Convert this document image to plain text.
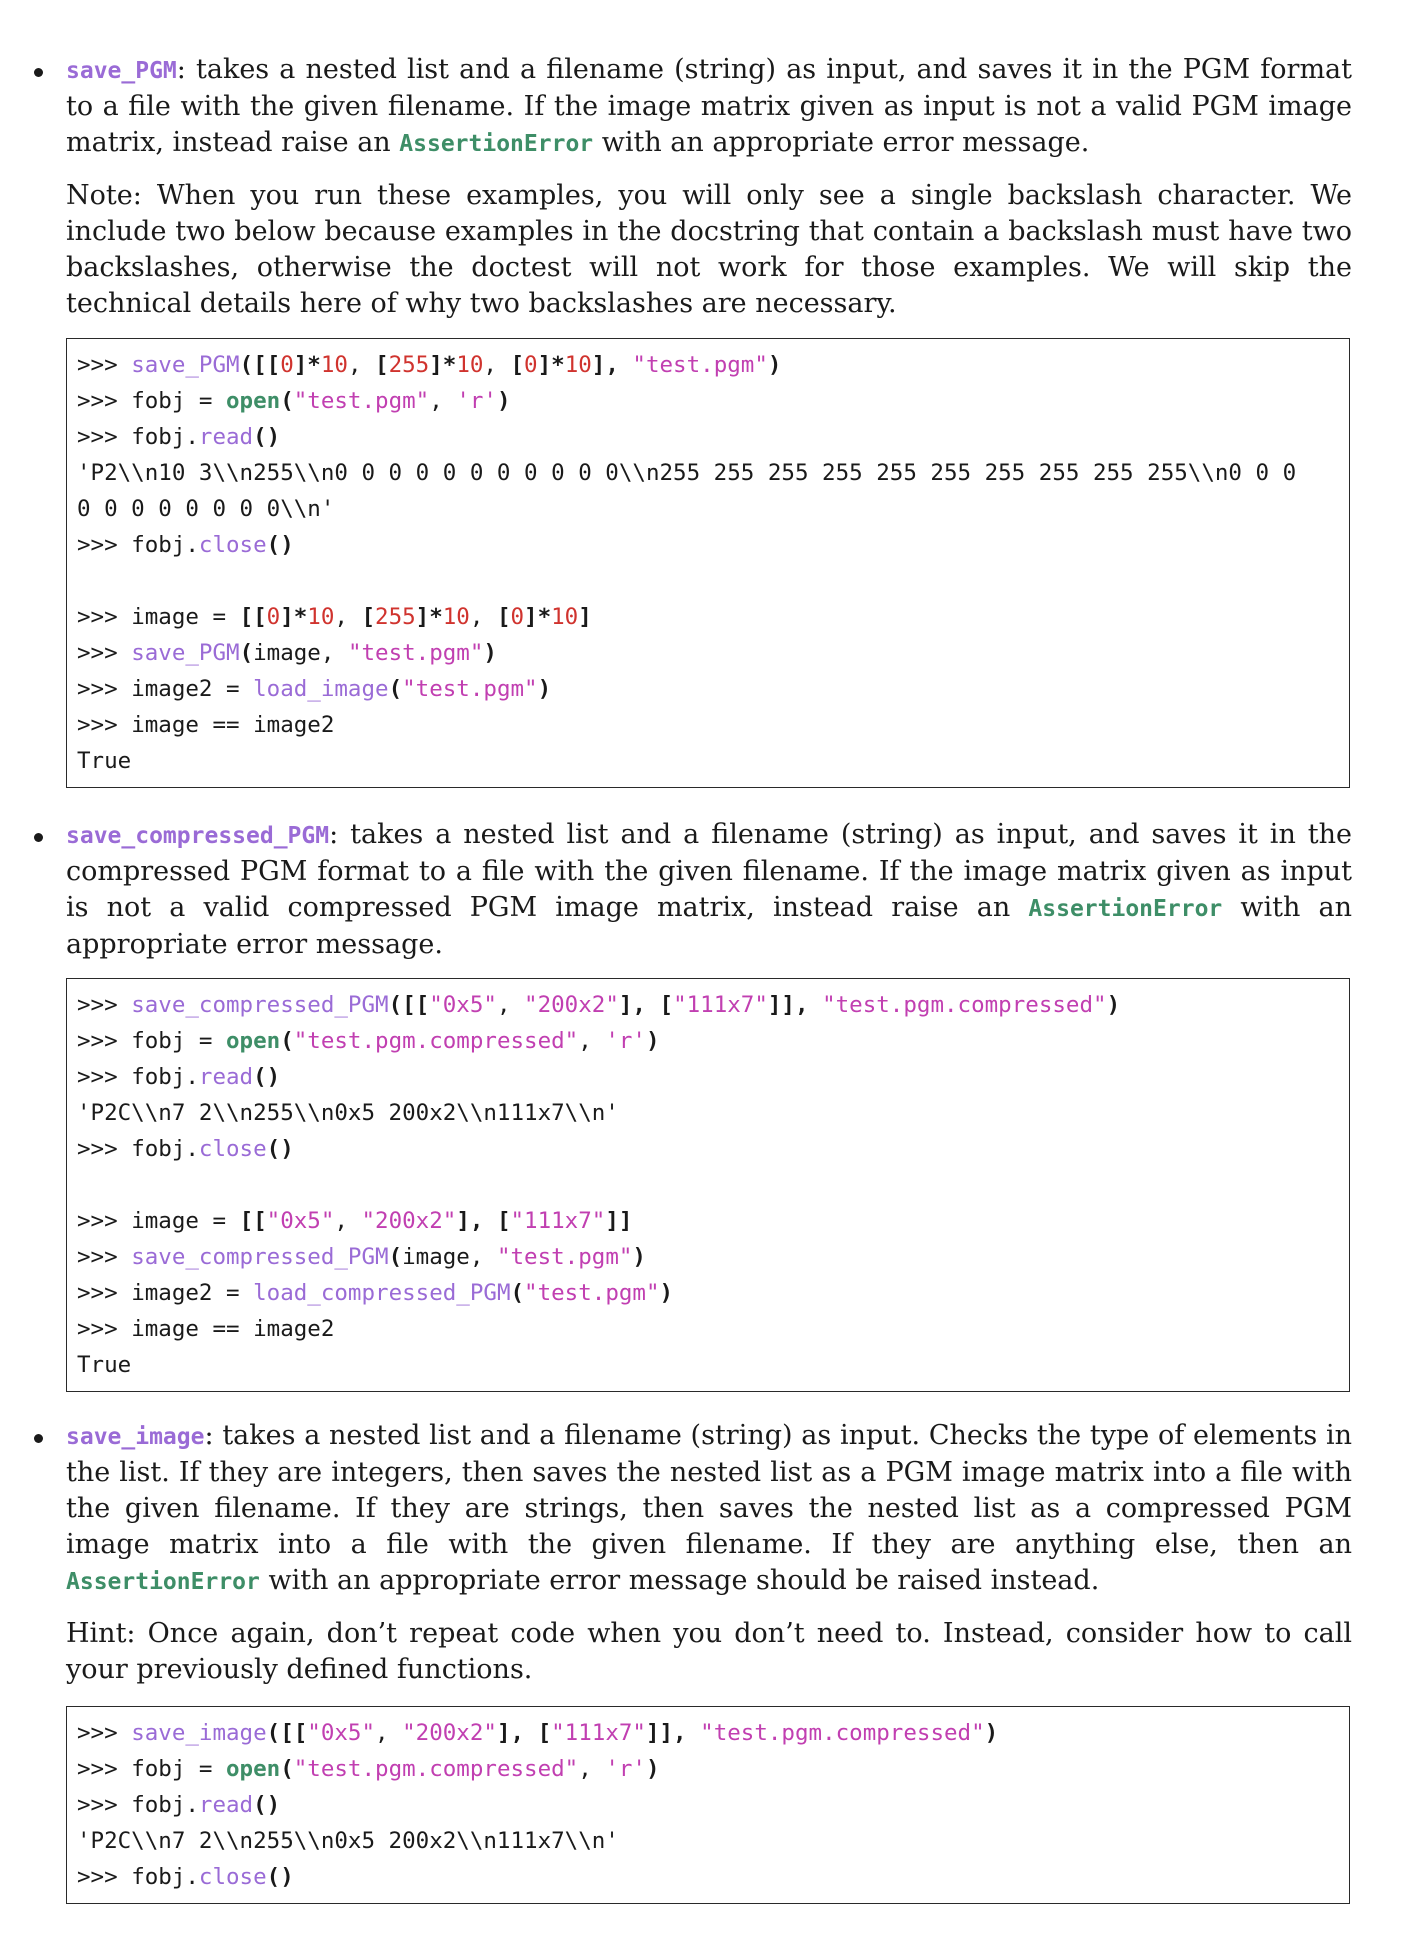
save_PGM: takes a nested list and a filename (string) as input, and saves it in the PGM format to a file with the given filename. If the image matrix given as input is not a valid PGM image matrix, instead raise an AssertionError with an appropriate error message.

Note: When you run these examples, you will only see a single backslash character. We include two below because examples in the docstring that contain a backslash must have two backslashes, otherwise the doctest will not work for those examples. We will skip the technical details here of why two backslashes are necessary.

>>> save_PGM([[0]*10, [255]*10, [0]*10], "test.pgm")
>>> fobj = open("test.pgm", 'r')
>>> fobj.read()
'P2\\n10 3\\n255\\n0 0 0 0 0 0 0 0 0 0 0\\n255 255 255 255 255 255 255 255 255 255\\n0 0 0
0 0 0 0 0 0 0 0\\n'
>>> fobj.close()

>>> image = [[0]*10, [255]*10, [0]*10]
>>> save_PGM(image, "test.pgm")
>>> image2 = load_image("test.pgm")
>>> image == image2
True

save_compressed_PGM: takes a nested list and a filename (string) as input, and saves it in the compressed PGM format to a file with the given filename. If the image matrix given as input is not a valid compressed PGM image matrix, instead raise an AssertionError with an appropriate error message.

>>> save_compressed_PGM([["0x5", "200x2"], ["111x7"]], "test.pgm.compressed")
>>> fobj = open("test.pgm.compressed", 'r')
>>> fobj.read()
'P2C\\n7 2\\n255\\n0x5 200x2\\n111x7\\n'
>>> fobj.close()

>>> image = [["0x5", "200x2"], ["111x7"]]
>>> save_compressed_PGM(image, "test.pgm")
>>> image2 = load_compressed_PGM("test.pgm")
>>> image == image2
True

save_image: takes a nested list and a filename (string) as input. Checks the type of elements in the list. If they are integers, then saves the nested list as a PGM image matrix into a file with the given filename. If they are strings, then saves the nested list as a compressed PGM image matrix into a file with the given filename. If they are anything else, then an AssertionError with an appropriate error message should be raised instead.

Hint: Once again, don’t repeat code when you don’t need to. Instead, consider how to call your previously defined functions.

>>> save_image([["0x5", "200x2"], ["111x7"]], "test.pgm.compressed")
>>> fobj = open("test.pgm.compressed", 'r')
>>> fobj.read()
'P2C\\n7 2\\n255\\n0x5 200x2\\n111x7\\n'
>>> fobj.close()
